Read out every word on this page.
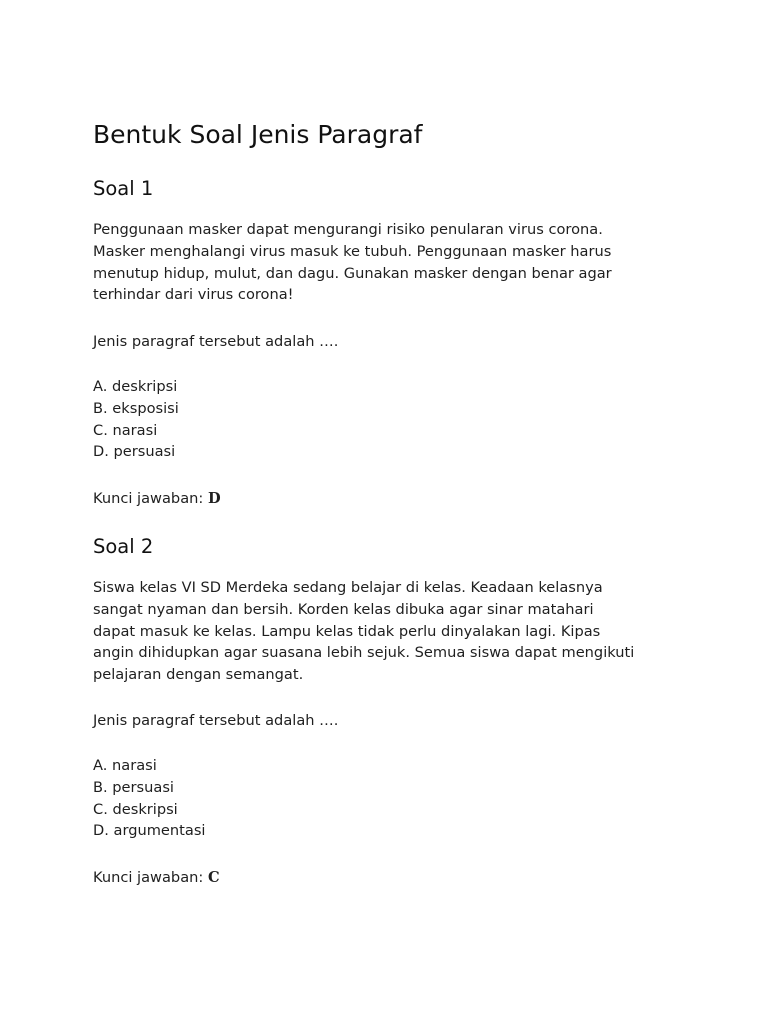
Bentuk Soal Jenis Paragraf
Soal 1

Penggunaan masker dapat mengurangi risiko penularan virus corona.
Masker menghalangi virus masuk ke tubuh. Penggunaan masker harus
menutup hidup, mulut, dan dagu. Gunakan masker dengan benar agar
terhindar dari virus corona!

Jenis paragraf tersebut adalah ….

A. deskripsi
B. eksposisi
C. narasi
D. persuasi

Kunci jawaban: D

Soal 2

Siswa kelas VI SD Merdeka sedang belajar di kelas. Keadaan kelasnya
sangat nyaman dan bersih. Korden kelas dibuka agar sinar matahari
dapat masuk ke kelas. Lampu kelas tidak perlu dinyalakan lagi. Kipas
angin dihidupkan agar suasana lebih sejuk. Semua siswa dapat mengikuti
pelajaran dengan semangat.

Jenis paragraf tersebut adalah ….

A. narasi
B. persuasi
C. deskripsi
D. argumentasi

Kunci jawaban: C
